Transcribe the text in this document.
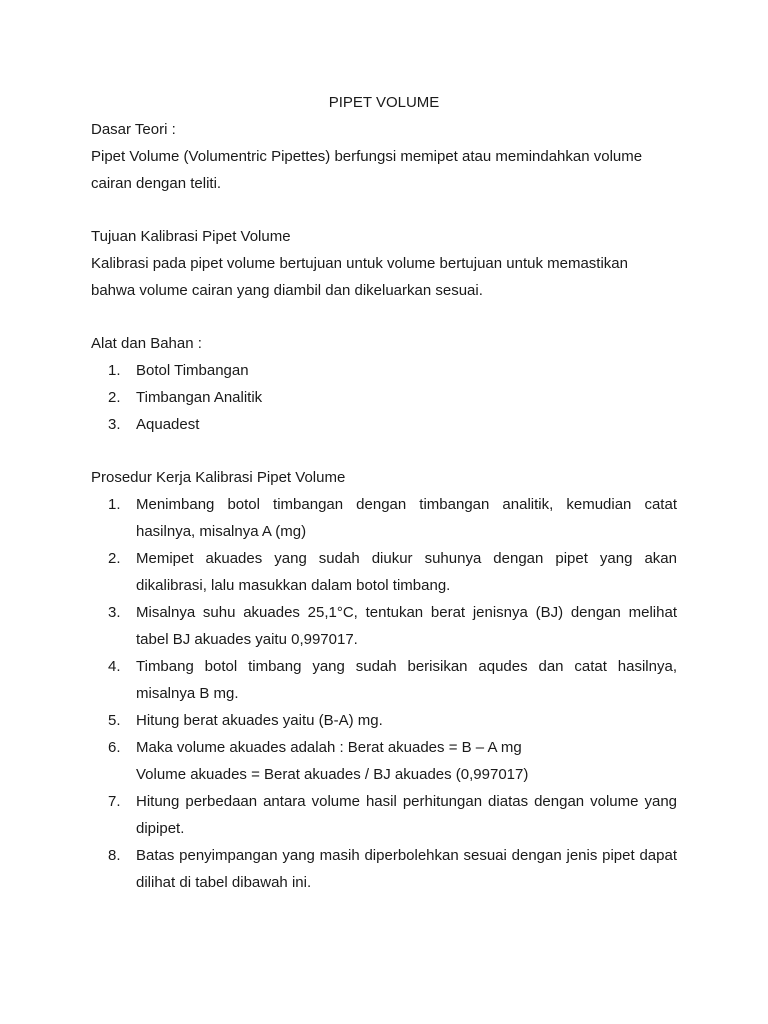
PIPET VOLUME

Dasar Teori :

Pipet Volume (Volumentric Pipettes) berfungsi memipet atau memindahkan volume

cairan dengan teliti.

Tujuan Kalibrasi Pipet Volume

Kalibrasi pada pipet volume bertujuan untuk volume bertujuan untuk memastikan

bahwa volume cairan yang diambil dan dikeluarkan sesuai.

Alat dan Bahan :

1. Botol Timbangan
2. Timbangan Analitik
3. Aquadest

Prosedur Kerja Kalibrasi Pipet Volume

1. Menimbang botol timbangan dengan timbangan analitik, kemudian catat
hasilnya, misalnya A (mg)
2. Memipet akuades yang sudah diukur suhunya dengan pipet yang akan
dikalibrasi, lalu masukkan dalam botol timbang.
3. Misalnya suhu akuades 25,1°C, tentukan berat jenisnya (BJ) dengan melihat
tabel BJ akuades yaitu 0,997017.
4. Timbang botol timbang yang sudah berisikan aqudes dan catat hasilnya,
misalnya B mg.
5. Hitung berat akuades yaitu (B-A) mg.
6. Maka volume akuades adalah : Berat akuades = B – A mg
Volume akuades = Berat akuades / BJ akuades (0,997017)
7. Hitung perbedaan antara volume hasil perhitungan diatas dengan volume yang
dipipet.
8. Batas penyimpangan yang masih diperbolehkan sesuai dengan jenis pipet dapat
dilihat di tabel dibawah ini.
